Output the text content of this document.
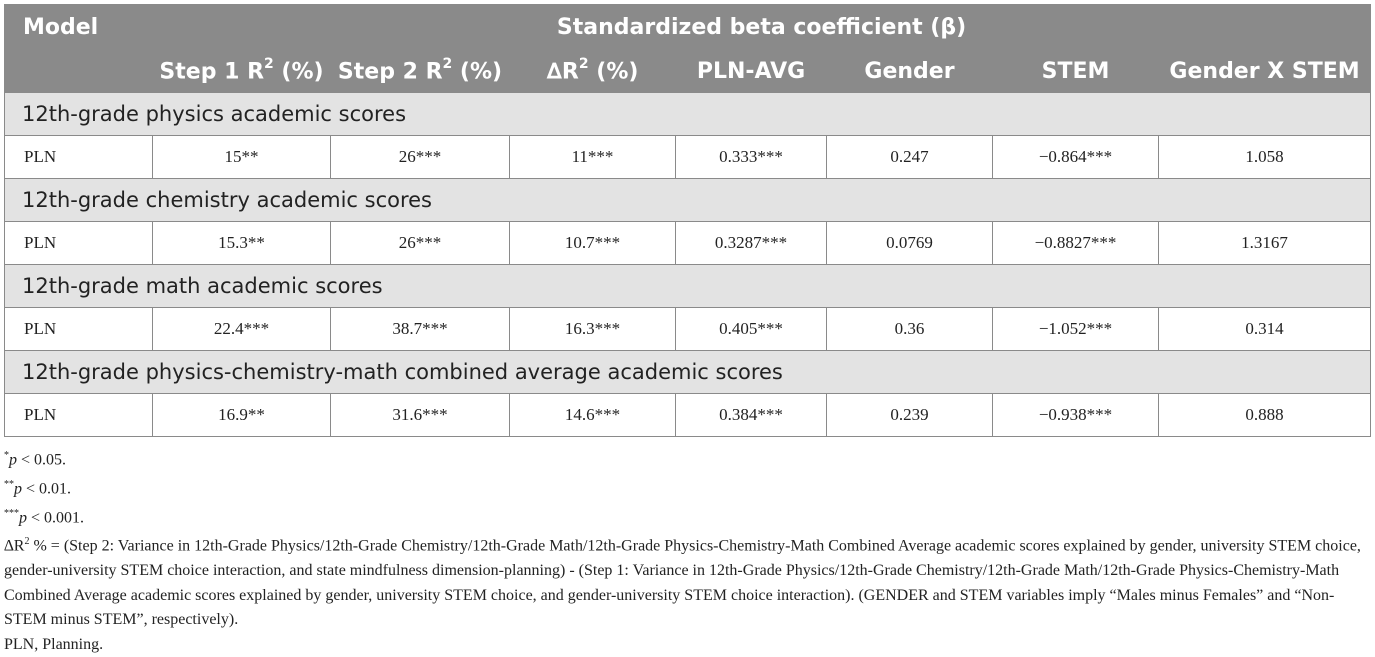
Model	Standardized beta coefficient (β)						
	Step 1 $R^2$ (%)	Step 2 $R^2$ (%)	$\Delta R^2$ (%)	PLN-AVG	Gender	STEM	Gender X STEM
12th-grade physics academic scores							
PLN	15**	26***	11***	0.333***	0.247	−0.864***	1.058
12th-grade chemistry academic scores							
PLN	15.3**	26***	10.7***	0.3287***	0.0769	−0.8827***	1.3167
12th-grade math academic scores							
PLN	22.4***	38.7***	16.3***	0.405***	0.36	−1.052***	0.314
12th-grade physics-chemistry-math combined average academic scores							
PLN	16.9**	31.6***	14.6***	0.384***	0.239	−0.938***	0.888

*p < 0.05.

**p < 0.01.

***p < 0.001.

$\Delta R^2$ % = (Step 2: Variance in 12th-Grade Physics/12th-Grade Chemistry/12th-Grade Math/12th-Grade Physics-Chemistry-Math Combined Average academic scores explained by gender, university STEM choice, gender-university STEM choice interaction, and state mindfulness dimension-planning) - (Step 1: Variance in 12th-Grade Physics/12th-Grade Chemistry/12th-Grade Math/12th-Grade Physics-Chemistry-Math Combined Average academic scores explained by gender, university STEM choice, and gender-university STEM choice interaction). (GENDER and STEM variables imply “Males minus Females” and “Non-STEM minus STEM”, respectively).

PLN, Planning.
